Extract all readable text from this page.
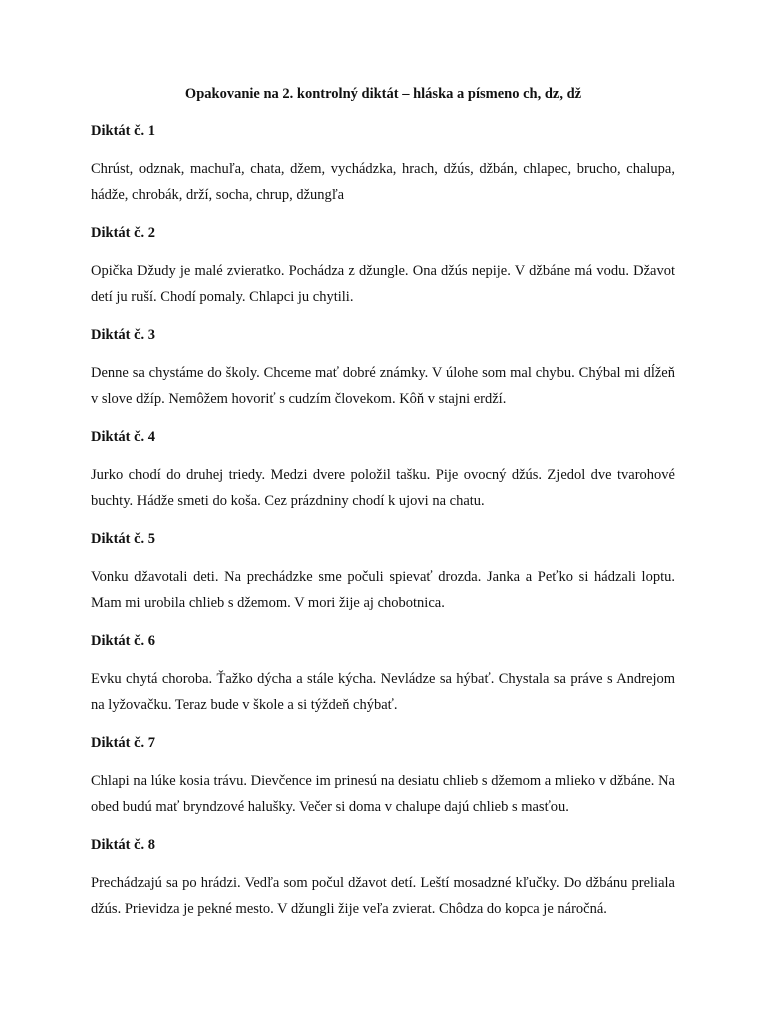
Opakovanie na 2. kontrolný diktát – hláska a písmeno ch, dz, dž
Diktát č. 1
Chrúst, odznak, machuľa, chata, džem, vychádzka, hrach, džús, džbán, chlapec, brucho, chalupa, hádže, chrobák, drží, socha, chrup, džungľa
Diktát č. 2
Opička Džudy je malé zvieratko. Pochádza z džungle. Ona džús nepije. V džbáne má vodu. Džavot detí ju ruší. Chodí pomaly. Chlapci ju chytili.
Diktát č. 3
Denne sa chystáme do školy. Chceme mať dobré známky. V úlohe som mal chybu. Chýbal mi dĺžeň v slove džíp. Nemôžem hovoriť s cudzím človekom. Kôň v stajni erdží.
Diktát č. 4
Jurko chodí do druhej triedy. Medzi dvere položil tašku. Pije ovocný džús. Zjedol dve tvarohové buchty. Hádže smeti do koša. Cez prázdniny chodí k ujovi na chatu.
Diktát č. 5
Vonku džavotali deti. Na prechádzke sme počuli spievať drozda. Janka a Peťko si hádzali loptu. Mam mi urobila chlieb s džemom. V mori žije aj chobotnica.
Diktát č. 6
Evku chytá choroba. Ťažko dýcha a stále kýcha. Nevládze sa hýbať. Chystala sa práve s Andrejom na lyžovačku. Teraz bude v škole a si týždeň chýbať.
Diktát č. 7
Chlapi na lúke kosia trávu. Dievčence im prinesú na desiatu chlieb s džemom a mlieko v džbáne. Na obed budú mať bryndzové halušky. Večer si doma v chalupe dajú chlieb s masťou.
Diktát č. 8
Prechádzajú sa po hrádzi. Vedľa som počul džavot detí. Leští mosadzné kľučky. Do džbánu preliala džús. Prievidza je pekné mesto. V džungli žije veľa zvierat. Chôdza do kopca je náročná.
